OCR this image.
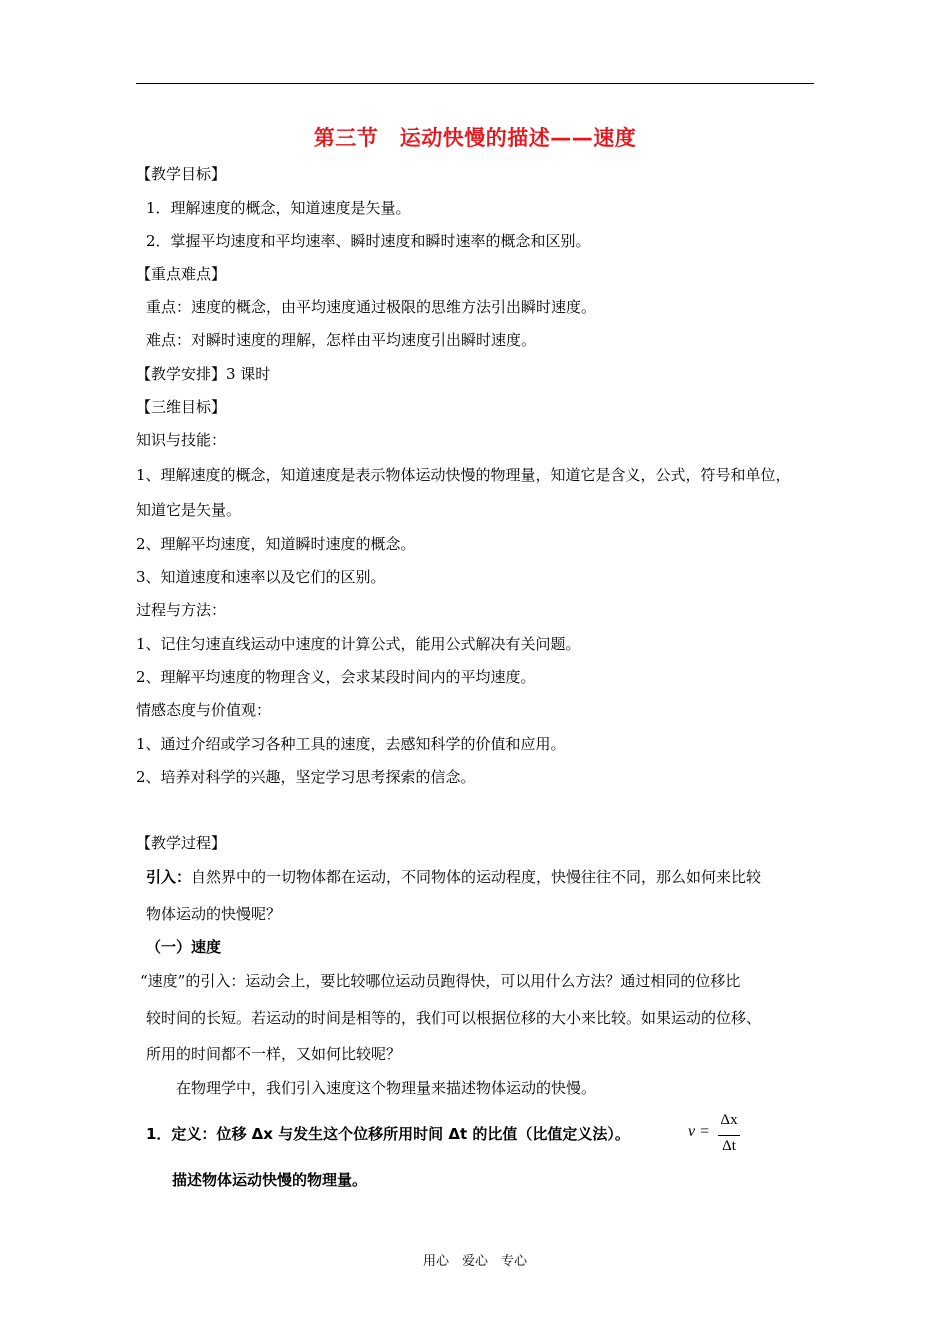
第三节　运动快慢的描述——速度
【教学目标】
1．理解速度的概念，知道速度是矢量。
2．掌握平均速度和平均速率、瞬时速度和瞬时速率的概念和区别。
【重点难点】
重点：速度的概念，由平均速度通过极限的思维方法引出瞬时速度。
难点：对瞬时速度的理解，怎样由平均速度引出瞬时速度。
【教学安排】3 课时
【三维目标】
知识与技能：
1、理解速度的概念，知道速度是表示物体运动快慢的物理量，知道它是含义，公式，符号和单位，
知道它是矢量。
2、理解平均速度，知道瞬时速度的概念。
3、知道速度和速率以及它们的区别。
过程与方法：
1、记住匀速直线运动中速度的计算公式，能用公式解决有关问题。
2、理解平均速度的物理含义，会求某段时间内的平均速度。
情感态度与价值观：
1、通过介绍或学习各种工具的速度，去感知科学的价值和应用。
2、培养对科学的兴趣，坚定学习思考探索的信念。
【教学过程】
引入：自然界中的一切物体都在运动，不同物体的运动程度，快慢往往不同，那么如何来比较
物体运动的快慢呢？
（一）速度
“速度”的引入：运动会上，要比较哪位运动员跑得快，可以用什么方法？通过相同的位移比
较时间的长短。若运动的时间是相等的，我们可以根据位移的大小来比较。如果运动的位移、
所用的时间都不一样，又如何比较呢？
在物理学中，我们引入速度这个物理量来描述物体运动的快慢。
1．定义：位移 Δx 与发生这个位移所用时间 Δt 的比值（比值定义法）。	v =
Δx
Δt
描述物体运动快慢的物理量。
用心　爱心　专心
